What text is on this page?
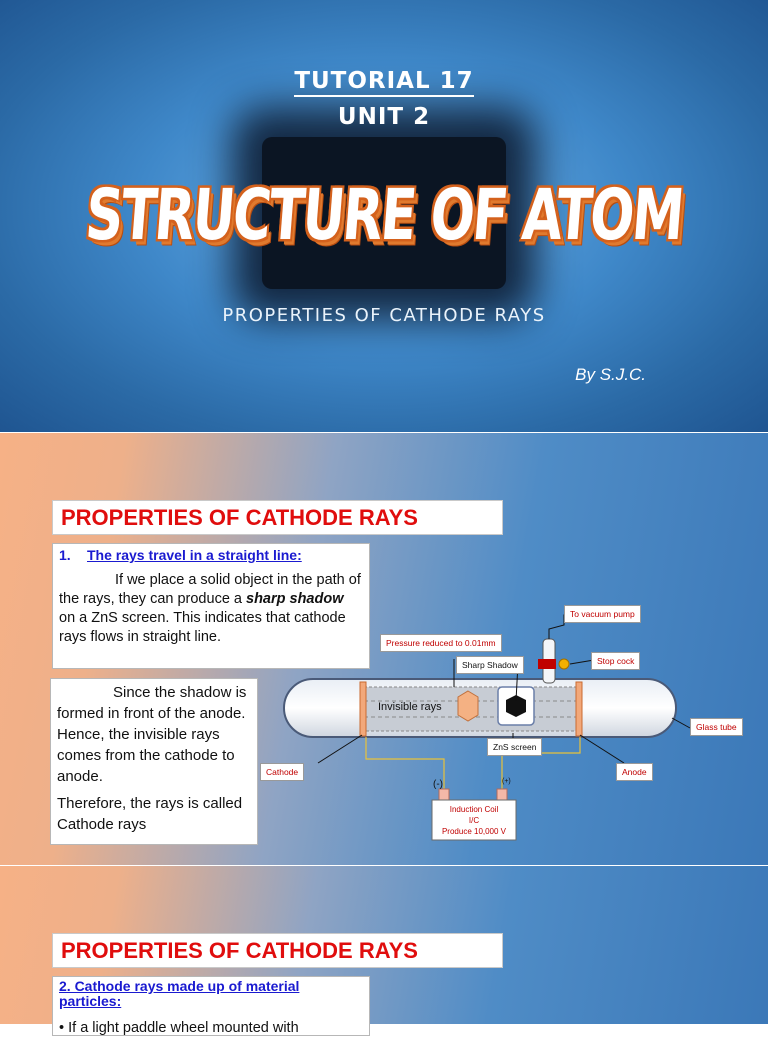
TUTORIAL 17
UNIT 2
STRUCTURE OF ATOM
PROPERTIES OF CATHODE RAYS
By S.J.C.
PROPERTIES OF CATHODE RAYS
1. The rays travel in a straight line:
If we place a solid object in the path of the rays, they can produce a sharp shadow on a ZnS screen. This indicates that cathode rays flows in straight line.
Since the shadow is formed in front of the anode. Hence, the invisible rays comes from the cathode to anode.
Therefore, the rays is called Cathode rays
Induction Coil
I/C
Produce 10,000 V
(-)	(+)
Invisible rays
To vacuum pump
Pressure reduced to 0.01mm
Sharp Shadow	Stop cock
Glass tube
ZnS screen
Cathode	Anode
PROPERTIES OF CATHODE RAYS
2. Cathode rays made up of material particles:
• If a light paddle wheel mounted with
